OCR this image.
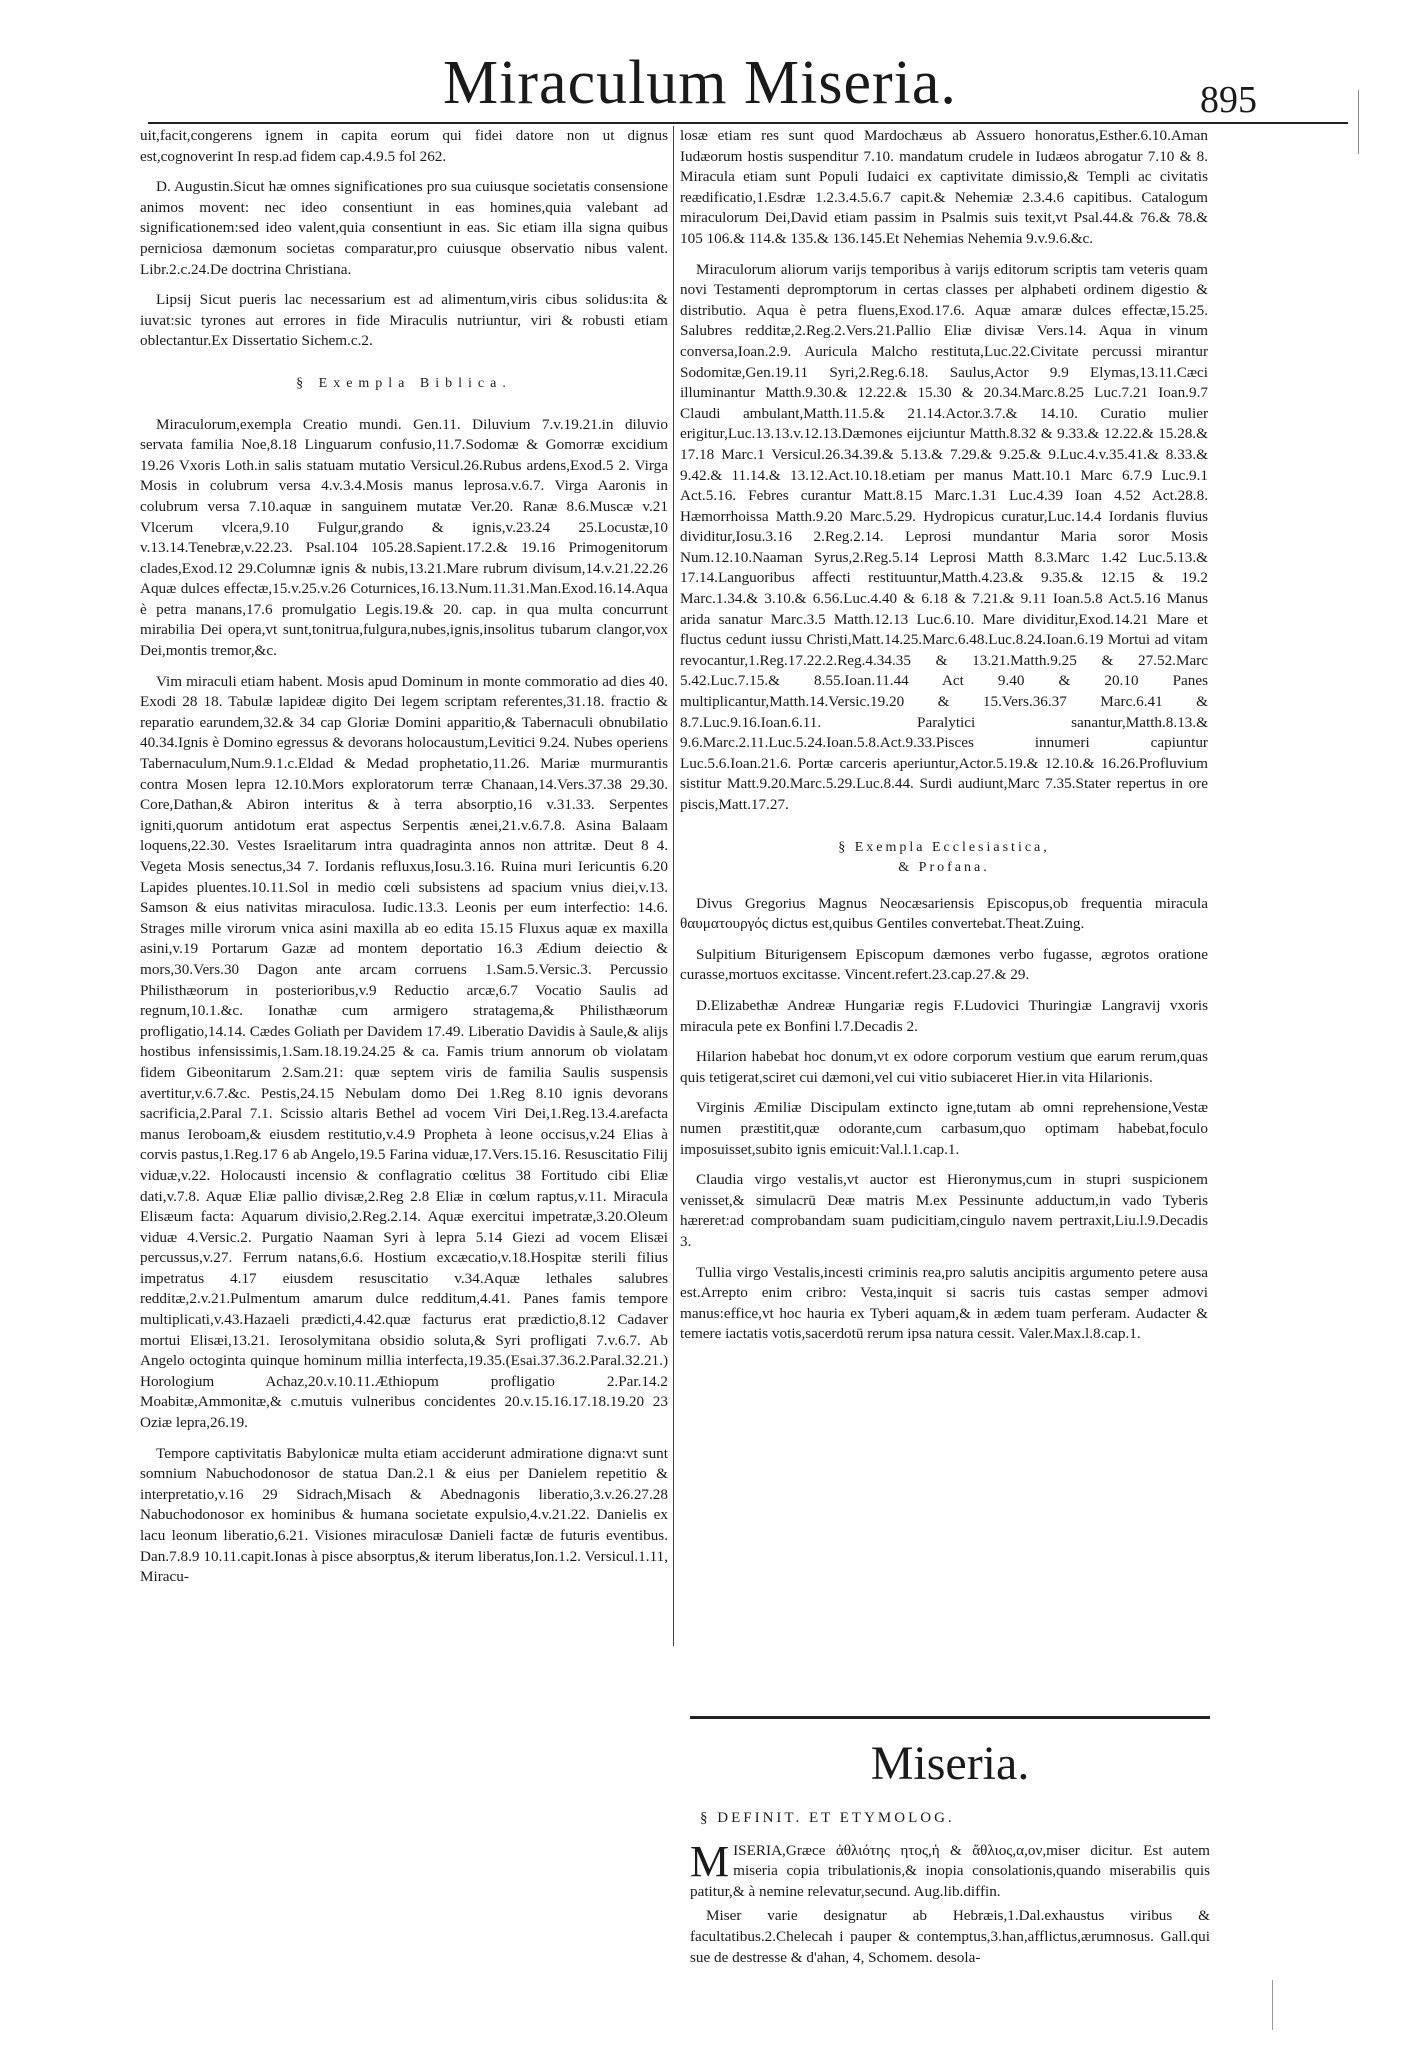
Miraculum Miseria.	895

uit,facit,congerens ignem in capita eorum qui fidei datore non ut dignus est,cognoverint In resp.ad fidem cap.4.9.5 fol 262.

D. Augustin.Sicut hæ omnes significationes pro sua cuiusque societatis consensione animos movent: nec ideo consentiunt in eas homines,quia valebant ad significationem:sed ideo valent,quia consentiunt in eas. Sic etiam illa signa quibus perniciosa dæmonum societas comparatur,pro cuiusque observatio nibus valent. Libr.2.c.24.De doctrina Christiana.

Lipsij Sicut pueris lac necessarium est ad alimentum,viris cibus solidus:ita & iuvat:sic tyrones aut errores in fide Miraculis nutriuntur, viri & robusti etiam oblectantur.Ex Dissertatio Sichem.c.2.

§ Exempla Biblica.

Miraculorum,exempla Creatio mundi. Gen.11. Diluvium 7.v.19.21.in diluvio servata familia Noe,8.18 Linguarum confusio,11.7.Sodomæ & Gomorræ excidium 19.26 Vxoris Loth.in salis statuam mutatio Versicul.26.Rubus ardens,Exod.5 2. Virga Mosis in colubrum versa 4.v.3.4.Mosis manus leprosa.v.6.7. Virga Aaronis in colubrum versa 7.10.aquæ in sanguinem mutatæ Ver.20. Ranæ 8.6.Muscæ v.21 Vlcerum vlcera,9.10 Fulgur,grando & ignis,v.23.24 25.Locustæ,10 v.13.14.Tenebræ,v.22.23. Psal.104 105.28.Sapient.17.2.& 19.16 Primogenitorum clades,Exod.12 29.Columnæ ignis & nubis,13.21.Mare rubrum divisum,14.v.21.22.26 Aquæ dulces effectæ,15.v.25.v.26 Coturnices,16.13.Num.11.31.Man.Exod.16.14.Aqua è petra manans,17.6 promulgatio Legis.19.& 20. cap. in qua multa concurrunt mirabilia Dei opera,vt sunt,tonitrua,fulgura,nubes,ignis,insolitus tubarum clangor,vox Dei,montis tremor,&c.

Vim miraculi etiam habent. Mosis apud Dominum in monte commoratio ad dies 40. Exodi 28 18. Tabulæ lapideæ digito Dei legem scriptam referentes,31.18. fractio & reparatio earundem,32.& 34 cap Gloriæ Domini apparitio,& Tabernaculi obnubilatio 40.34.Ignis è Domino egressus & devorans holocaustum,Levitici 9.24. Nubes operiens Tabernaculum,Num.9.1.c.Eldad & Medad prophetatio,11.26. Mariæ murmurantis contra Mosen lepra 12.10.Mors exploratorum terræ Chanaan,14.Vers.37.38 29.30. Core,Dathan,& Abiron interitus & à terra absorptio,16 v.31.33. Serpentes igniti,quorum antidotum erat aspectus Serpentis ænei,21.v.6.7.8. Asina Balaam loquens,22.30. Vestes Israelitarum intra quadraginta annos non attritæ. Deut 8 4. Vegeta Mosis senectus,34 7. Iordanis refluxus,Iosu.3.16. Ruina muri Iericuntis 6.20 Lapides pluentes.10.11.Sol in medio cœli subsistens ad spacium vnius diei,v.13. Samson & eius nativitas miraculosa. Iudic.13.3. Leonis per eum interfectio: 14.6. Strages mille virorum vnica asini maxilla ab eo edita 15.15 Fluxus aquæ ex maxilla asini,v.19 Portarum Gazæ ad montem deportatio 16.3 Ædium deiectio & mors,30.Vers.30 Dagon ante arcam corruens 1.Sam.5.Versic.3. Percussio Philisthæorum in posterioribus,v.9 Reductio arcæ,6.7 Vocatio Saulis ad regnum,10.1.&c. Ionathæ cum armigero stratagema,& Philisthæorum profligatio,14.14. Cædes Goliath per Davidem 17.49. Liberatio Davidis à Saule,& alijs hostibus infensissimis,1.Sam.18.19.24.25 & ca. Famis trium annorum ob violatam fidem Gibeonitarum 2.Sam.21: quæ septem viris de familia Saulis suspensis avertitur,v.6.7.&c. Pestis,24.15 Nebulam domo Dei 1.Reg 8.10 ignis devorans sacrificia,2.Paral 7.1. Scissio altaris Bethel ad vocem Viri Dei,1.Reg.13.4.arefacta manus Ieroboam,& eiusdem restitutio,v.4.9 Propheta à leone occisus,v.24 Elias à corvis pastus,1.Reg.17 6 ab Angelo,19.5 Farina viduæ,17.Vers.15.16. Resuscitatio Filij viduæ,v.22. Holocausti incensio & conflagratio cœlitus 38 Fortitudo cibi Eliæ dati,v.7.8. Aquæ Eliæ pallio divisæ,2.Reg 2.8 Eliæ in cœlum raptus,v.11. Miracula Elisæum facta: Aquarum divisio,2.Reg.2.14. Aquæ exercitui impetratæ,3.20.Oleum viduæ 4.Versic.2. Purgatio Naaman Syri à lepra 5.14 Giezi ad vocem Elisæi percussus,v.27. Ferrum natans,6.6. Hostium excæcatio,v.18.Hospitæ sterili filius impetratus 4.17 eiusdem resuscitatio v.34.Aquæ lethales salubres redditæ,2.v.21.Pulmentum amarum dulce redditum,4.41. Panes famis tempore multiplicati,v.43.Hazaeli prædicti,4.42.quæ facturus erat prædictio,8.12 Cadaver mortui Elisæi,13.21. Ierosolymitana obsidio soluta,& Syri profligati 7.v.6.7. Ab Angelo octoginta quinque hominum millia interfecta,19.35.(Esai.37.36.2.Paral.32.21.) Horologium Achaz,20.v.10.11.Æthiopum profligatio 2.Par.14.2 Moabitæ,Ammonitæ,& c.mutuis vulneribus concidentes 20.v.15.16.17.18.19.20 23 Oziæ lepra,26.19.

Tempore captivitatis Babylonicæ multa etiam acciderunt admiratione digna:vt sunt somnium Nabuchodonosor de statua Dan.2.1 & eius per Danielem repetitio & interpretatio,v.16 29 Sidrach,Misach & Abednagonis liberatio,3.v.26.27.28 Nabuchodonosor ex hominibus & humana societate expulsio,4.v.21.22. Danielis ex lacu leonum liberatio,6.21. Visiones miraculosæ Danieli factæ de futuris eventibus. Dan.7.8.9 10.11.capit.Ionas à pisce absorptus,& iterum liberatus,Ion.1.2. Versicul.1.11, Miracu-

losæ etiam res sunt quod Mardochæus ab Assuero honoratus,Esther.6.10.Aman Iudæorum hostis suspenditur 7.10. mandatum crudele in Iudæos abrogatur 7.10 & 8. Miracula etiam sunt Populi Iudaici ex captivitate dimissio,& Templi ac civitatis reædificatio,1.Esdræ 1.2.3.4.5.6.7 capit.& Nehemiæ 2.3.4.6 capitibus. Catalogum miraculorum Dei,David etiam passim in Psalmis suis texit,vt Psal.44.& 76.& 78.& 105 106.& 114.& 135.& 136.145.Et Nehemias Nehemia 9.v.9.6.&c.

Miraculorum aliorum varijs temporibus à varijs editorum scriptis tam veteris quam novi Testamenti depromptorum in certas classes per alphabeti ordinem digestio & distributio. Aqua è petra fluens,Exod.17.6. Aquæ amaræ dulces effectæ,15.25. Salubres redditæ,2.Reg.2.Vers.21.Pallio Eliæ divisæ Vers.14. Aqua in vinum conversa,Ioan.2.9. Auricula Malcho restituta,Luc.22.Civitate percussi mirantur Sodomitæ,Gen.19.11 Syri,2.Reg.6.18. Saulus,Actor 9.9 Elymas,13.11.Cæci illuminantur Matth.9.30.& 12.22.& 15.30 & 20.34.Marc.8.25 Luc.7.21 Ioan.9.7 Claudi ambulant,Matth.11.5.& 21.14.Actor.3.7.& 14.10. Curatio mulier erigitur,Luc.13.13.v.12.13.Dæmones eijciuntur Matth.8.32 & 9.33.& 12.22.& 15.28.& 17.18 Marc.1 Versicul.26.34.39.& 5.13.& 7.29.& 9.25.& 9.Luc.4.v.35.41.& 8.33.& 9.42.& 11.14.& 13.12.Act.10.18.etiam per manus Matt.10.1 Marc 6.7.9 Luc.9.1 Act.5.16. Febres curantur Matt.8.15 Marc.1.31 Luc.4.39 Ioan 4.52 Act.28.8. Hæmorrhoissa Matth.9.20 Marc.5.29. Hydropicus curatur,Luc.14.4 Iordanis fluvius dividitur,Iosu.3.16 2.Reg.2.14. Leprosi mundantur Maria soror Mosis Num.12.10.Naaman Syrus,2.Reg.5.14 Leprosi Matth 8.3.Marc 1.42 Luc.5.13.& 17.14.Languoribus affecti restituuntur,Matth.4.23.& 9.35.& 12.15 & 19.2 Marc.1.34.& 3.10.& 6.56.Luc.4.40 & 6.18 & 7.21.& 9.11 Ioan.5.8 Act.5.16 Manus arida sanatur Marc.3.5 Matth.12.13 Luc.6.10. Mare dividitur,Exod.14.21 Mare et fluctus cedunt iussu Christi,Matt.14.25.Marc.6.48.Luc.8.24.Ioan.6.19 Mortui ad vitam revocantur,1.Reg.17.22.2.Reg.4.34.35 & 13.21.Matth.9.25 & 27.52.Marc 5.42.Luc.7.15.& 8.55.Ioan.11.44 Act 9.40 & 20.10 Panes multiplicantur,Matth.14.Versic.19.20 & 15.Vers.36.37 Marc.6.41 & 8.7.Luc.9.16.Ioan.6.11. Paralytici sanantur,Matth.8.13.& 9.6.Marc.2.11.Luc.5.24.Ioan.5.8.Act.9.33.Pisces innumeri capiuntur Luc.5.6.Ioan.21.6. Portæ carceris aperiuntur,Actor.5.19.& 12.10.& 16.26.Profluvium sistitur Matt.9.20.Marc.5.29.Luc.8.44. Surdi audiunt,Marc 7.35.Stater repertus in ore piscis,Matt.17.27.

§ Exempla Ecclesiastica,
& Profana.

Divus Gregorius Magnus Neocæsariensis Episcopus,ob frequentia miracula θαυματουργός dictus est,quibus Gentiles convertebat.Theat.Zuing.

Sulpitium Biturigensem Episcopum dæmones verbo fugasse, ægrotos oratione curasse,mortuos excitasse. Vincent.refert.23.cap.27.& 29.

D.Elizabethæ Andreæ Hungariæ regis F.Ludovici Thuringiæ Langravij vxoris miracula pete ex Bonfini l.7.Decadis 2.

Hilarion habebat hoc donum,vt ex odore corporum vestium que earum rerum,quas quis tetigerat,sciret cui dæmoni,vel cui vitio subiaceret Hier.in vita Hilarionis.

Virginis Æmiliæ Discipulam extincto igne,tutam ab omni reprehensione,Vestæ numen præstitit,quæ odorante,cum carbasum,quo optimam habebat,foculo imposuisset,subito ignis emicuit:Val.l.1.cap.1.

Claudia virgo vestalis,vt auctor est Hieronymus,cum in stupri suspicionem venisset,& simulacrū Deæ matris M.ex Pessinunte adductum,in vado Tyberis hæreret:ad comprobandam suam pudicitiam,cingulo navem pertraxit,Liu.l.9.Decadis 3.

Tullia virgo Vestalis,incesti criminis rea,pro salutis ancipitis argumento petere ausa est.Arrepto enim cribro: Vesta,inquit si sacris tuis castas semper admovi manus:effice,vt hoc hauria ex Tyberi aquam,& in ædem tuam perferam. Audacter & temere iactatis votis,sacerdotū rerum ipsa natura cessit. Valer.Max.l.8.cap.1.

Miseria.
§ DEFINIT. ET ETYMOLOG.

MISERIA,Græce ἀθλιότης ητος,ἡ & ἄθλιος,α,ον,miser dicitur. Est autem miseria copia tribulationis,& inopia consolationis,quando miserabilis quis patitur,& à nemine relevatur,secund. Aug.lib.diffin.

Miser varie designatur ab Hebræis,1.Dal.exhaustus viribus & facultatibus.2.Chelecah i pauper & contemptus,3.han,afflictus,ærumnosus. Gall.qui sue de destresse & d'ahan, 4, Schomem. desola-
